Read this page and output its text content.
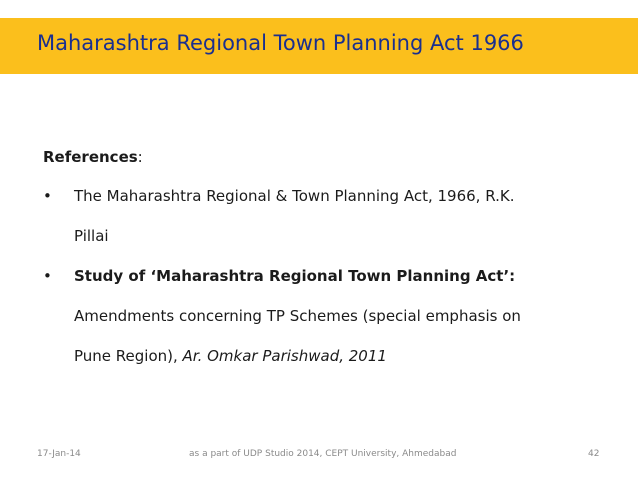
Maharashtra Regional Town Planning Act 1966
References:
• The Maharashtra Regional & Town Planning Act, 1966, R.K.
Pillai
• Study of ‘Maharashtra Regional Town Planning Act’:
Amendments concerning TP Schemes (special emphasis on
Pune Region), Ar. Omkar Parishwad, 2011
17-Jan-14	as a part of UDP Studio 2014, CEPT University, Ahmedabad	42
